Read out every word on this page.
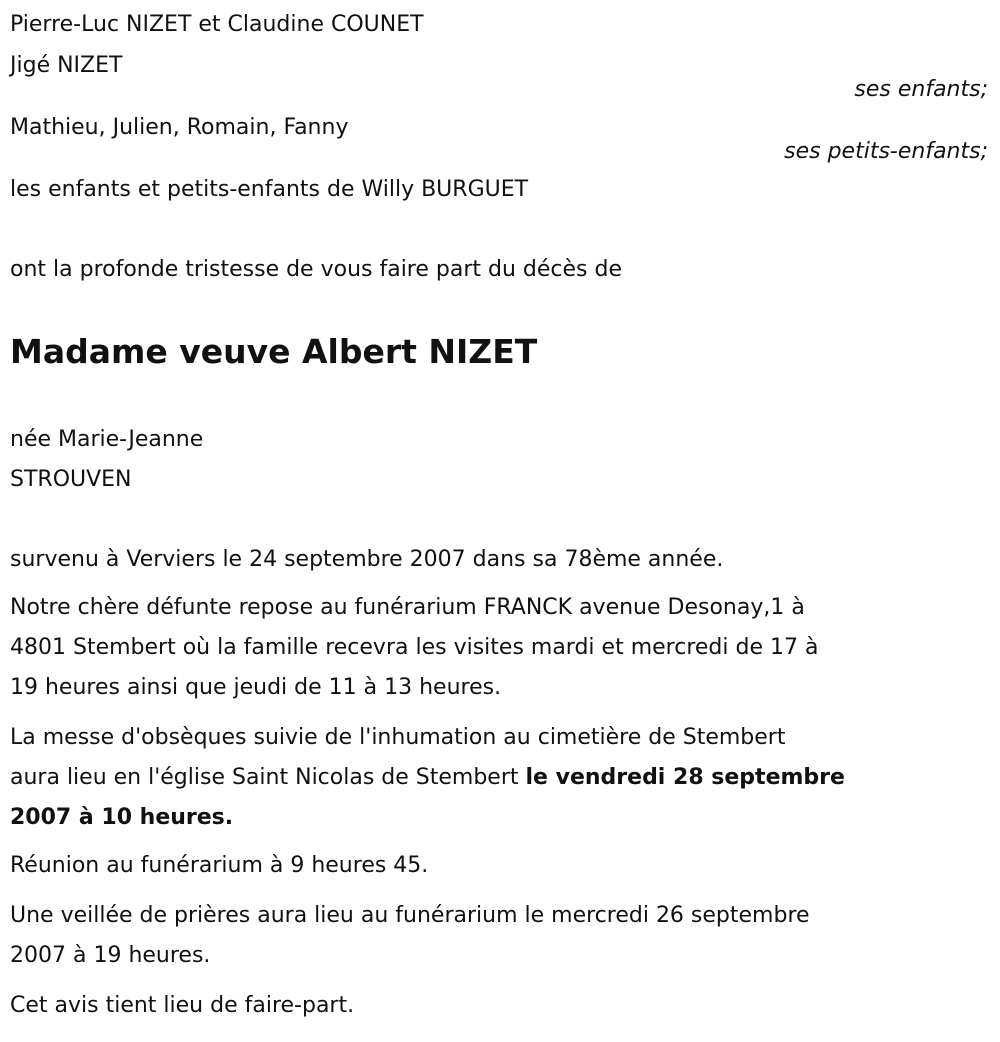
Pierre-Luc NIZET et Claudine COUNET
Jigé NIZET
ses enfants;
Mathieu, Julien, Romain, Fanny
ses petits-enfants;
les enfants et petits-enfants de Willy BURGUET
ont la profonde tristesse de vous faire part du décès de
Madame veuve Albert NIZET
née Marie-Jeanne
STROUVEN
survenu à Verviers le 24 septembre 2007 dans sa 78ème année.
Notre chère défunte repose au funérarium FRANCK avenue Desonay,1 à
4801 Stembert où la famille recevra les visites mardi et mercredi de 17 à
19 heures ainsi que jeudi de 11 à 13 heures.
La messe d'obsèques suivie de l'inhumation au cimetière de Stembert
aura lieu en l'église Saint Nicolas de Stembert le vendredi 28 septembre
2007 à 10 heures.
Réunion au funérarium à 9 heures 45.
Une veillée de prières aura lieu au funérarium le mercredi 26 septembre
2007 à 19 heures.
Cet avis tient lieu de faire-part.
